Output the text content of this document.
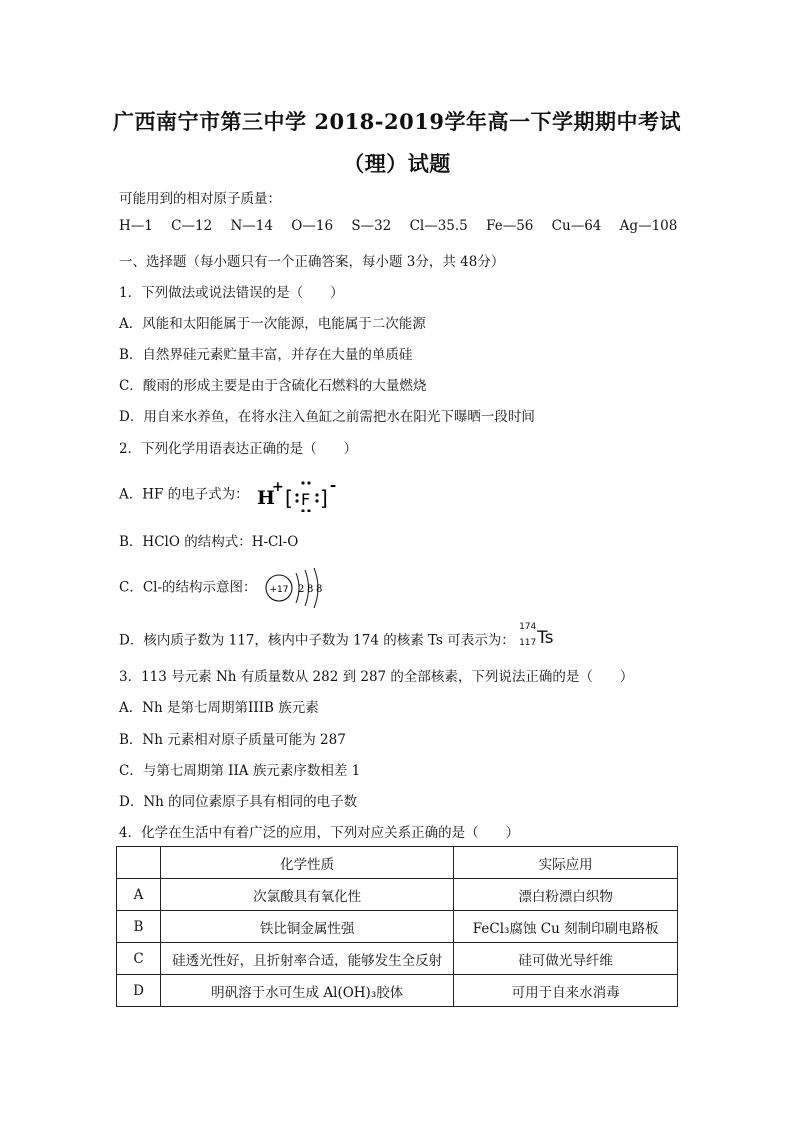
广西南宁市第三中学 2018-2019学年高一下学期期中考试
（理）试题
可能用到的相对原子质量：
H—1 C—12 N—14 O—16 S—32 Cl—35.5 Fe—56 Cu—64 Ag—108
一、选择题（每小题只有一个正确答案，每小题 3分，共 48分）
1．下列做法或说法错误的是（　　）
A．风能和太阳能属于一次能源，电能属于二次能源
B．自然界硅元素贮量丰富，并存在大量的单质硅
C．酸雨的形成主要是由于含硫化石燃料的大量燃烧
D．用自来水养鱼，在将水注入鱼缸之前需把水在阳光下曝晒一段时间
2．下列化学用语表达正确的是（　　）
A．HF 的电子式为： H
+ [ F ]
-
B．HClO 的结构式：H-Cl-O
C．Cl-的结构示意图： +17 2 8 8
D．核内质子数为 117，核内中子数为 174 的核素 Ts 可表示为：
174
117 Ts
3．113 号元素 Nh 有质量数从 282 到 287 的全部核素，下列说法正确的是（　　）
A．Nh 是第七周期第IIIB 族元素
B．Nh 元素相对原子质量可能为 287
C．与第七周期第 IIA 族元素序数相差 1
D．Nh 的同位素原子具有相同的电子数
4．化学在生活中有着广泛的应用，下列对应关系正确的是（　　）
	化学性质	实际应用
A	次氯酸具有氧化性	漂白粉漂白织物
B	铁比铜金属性强	FeCl₃腐蚀 Cu 刻制印刷电路板
C	硅透光性好，且折射率合适，能够发生全反射	硅可做光导纤维
D	明矾溶于水可生成 Al(OH)₃胶体	可用于自来水消毒
